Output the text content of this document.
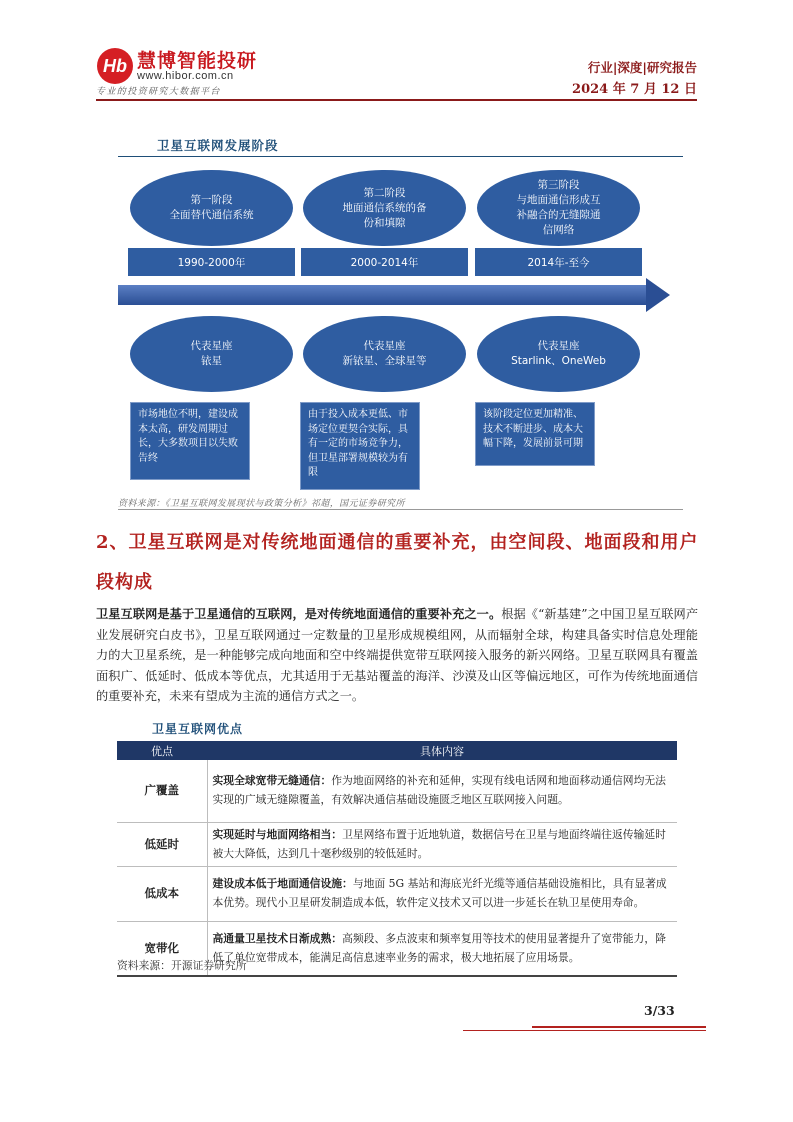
Hb 慧博智能投研
www.hibor.com.cn
专业的投资研究大数据平台
行业|深度|研究报告
2024 年 7 月 12 日
卫星互联网发展阶段
第一阶段
全面替代通信系统
第二阶段
地面通信系统的备
份和填隙
第三阶段
与地面通信形成互
补融合的无缝隙通
信网络
1990-2000年	2000-2014年	2014年-至今
代表星座
铱星
代表星座
新铱星、全球星等
代表星座
Starlink、OneWeb
市场地位不明，建设成本太高，研发周期过长，大多数项目以失败告终
由于投入成本更低、市场定位更契合实际，具有一定的市场竞争力，但卫星部署规模较为有限
该阶段定位更加精准、技术不断进步、成本大幅下降，发展前景可期
资料来源：《卫星互联网发展现状与政策分析》祁超，国元证券研究所
2、卫星互联网是对传统地面通信的重要补充，由空间段、地面段和用户
段构成
卫星互联网是基于卫星通信的互联网，是对传统地面通信的重要补充之一。根据《“新基建”之中国卫星互联网产业发展研究白皮书》，卫星互联网通过一定数量的卫星形成规模组网，从而辐射全球，构建具备实时信息处理能力的大卫星系统，是一种能够完成向地面和空中终端提供宽带互联网接入服务的新兴网络。卫星互联网具有覆盖面积广、低延时、低成本等优点，尤其适用于无基站覆盖的海洋、沙漠及山区等偏远地区，可作为传统地面通信的重要补充，未来有望成为主流的通信方式之一。
卫星互联网优点
优点	具体内容
广覆盖	实现全球宽带无缝通信：作为地面网络的补充和延伸，实现有线电话网和地面移动通信网均无法实现的广域无缝隙覆盖，有效解决通信基础设施匮乏地区互联网接入问题。
低延时	实现延时与地面网络相当：卫星网络布置于近地轨道，数据信号在卫星与地面终端往返传输延时被大大降低，达到几十毫秒级别的较低延时。
低成本	建设成本低于地面通信设施：与地面 5G 基站和海底光纤光缆等通信基础设施相比，具有显著成本优势。现代小卫星研发制造成本低，软件定义技术又可以进一步延长在轨卫星使用寿命。
宽带化	高通量卫星技术日渐成熟：高频段、多点波束和频率复用等技术的使用显著提升了宽带能力，降低了单位宽带成本，能满足高信息速率业务的需求，极大地拓展了应用场景。
资料来源：开源证券研究所
3/33
